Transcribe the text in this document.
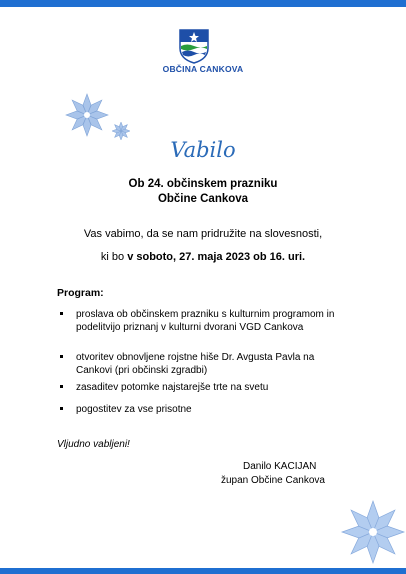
OBČINA CANKOVA
Vabilo
Ob 24. občinskem prazniku
Občine Cankova
Vas vabimo, da se nam pridružite na slovesnosti,
ki bo v soboto, 27. maja 2023 ob 16. uri.
Program:
proslava ob občinskem prazniku s kulturnim programom in podelitvijo priznanj v kulturni dvorani VGD Cankova
otvoritev obnovljene rojstne hiše Dr. Avgusta Pavla na Cankovi (pri občinski zgradbi)
zasaditev potomke najstarejše trte na svetu
pogostitev za vse prisotne
Vljudno vabljeni!
Danilo KACIJAN
župan Občine Cankova
